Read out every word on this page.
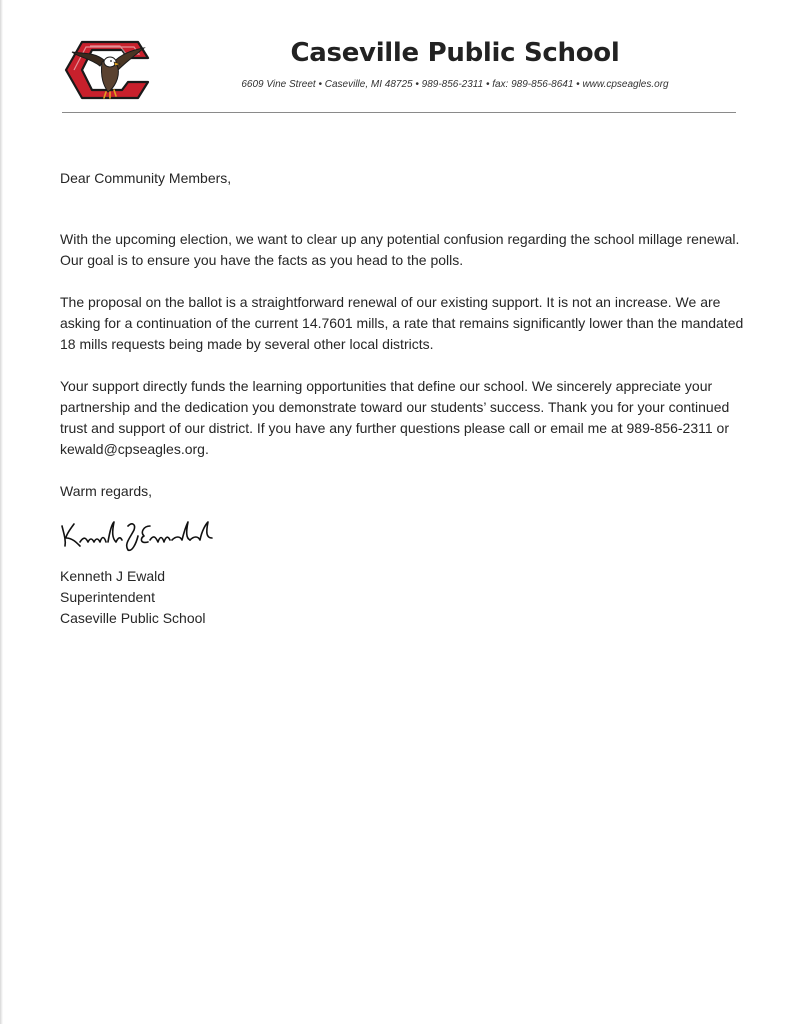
Caseville Public School
6609 Vine Street • Caseville, MI 48725 • 989-856-2311 • fax: 989-856-8641 • www.cpseagles.org

Dear Community Members,

With the upcoming election, we want to clear up any potential confusion regarding the school millage renewal. Our goal is to ensure you have the facts as you head to the polls.

The proposal on the ballot is a straightforward renewal of our existing support. It is not an increase. We are asking for a continuation of the current 14.7601 mills, a rate that remains significantly lower than the mandated 18 mills requests being made by several other local districts.

Your support directly funds the learning opportunities that define our school. We sincerely appreciate your partnership and the dedication you demonstrate toward our students’ success. Thank you for your continued trust and support of our district. If you have any further questions please call or email me at 989-856-2311 or kewald@cpseagles.org.

Warm regards,

Kenneth J Ewald
Superintendent
Caseville Public School
